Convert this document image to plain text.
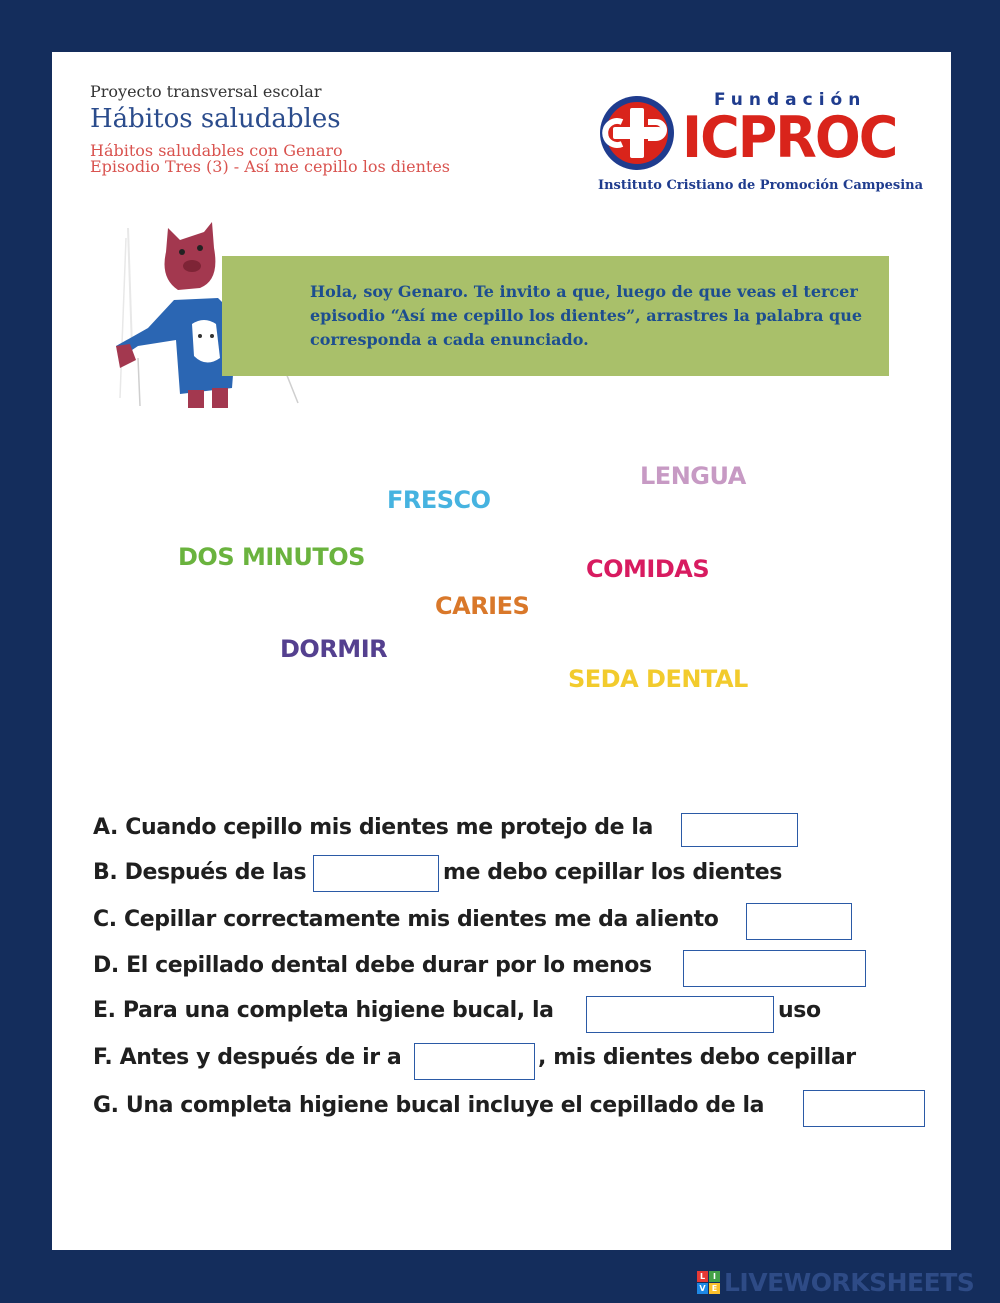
Proyecto transversal escolar
Hábitos saludables
Hábitos saludables con Genaro
Episodio Tres (3) - Así me cepillo los dientes
Fundación
ICPROC
Instituto Cristiano de Promoción Campesina
Hola, soy Genaro. Te invito a que, luego de que veas el tercer episodio “Así me cepillo los dientes”, arrastres la palabra que corresponda a cada enunciado.
LENGUA
FRESCO
DOS MINUTOS	COMIDAS
CARIES
DORMIR
SEDA DENTAL
A. Cuando cepillo mis dientes me protejo de la
B. Después de las	me debo cepillar los dientes
C. Cepillar correctamente mis dientes me da aliento
D. El cepillado dental debe durar por lo menos
E. Para una completa higiene bucal, la	uso
F. Antes y después de ir a	, mis dientes debo cepillar
G. Una completa higiene bucal incluye el cepillado de la
L I
V E LIVEWORKSHEETS
